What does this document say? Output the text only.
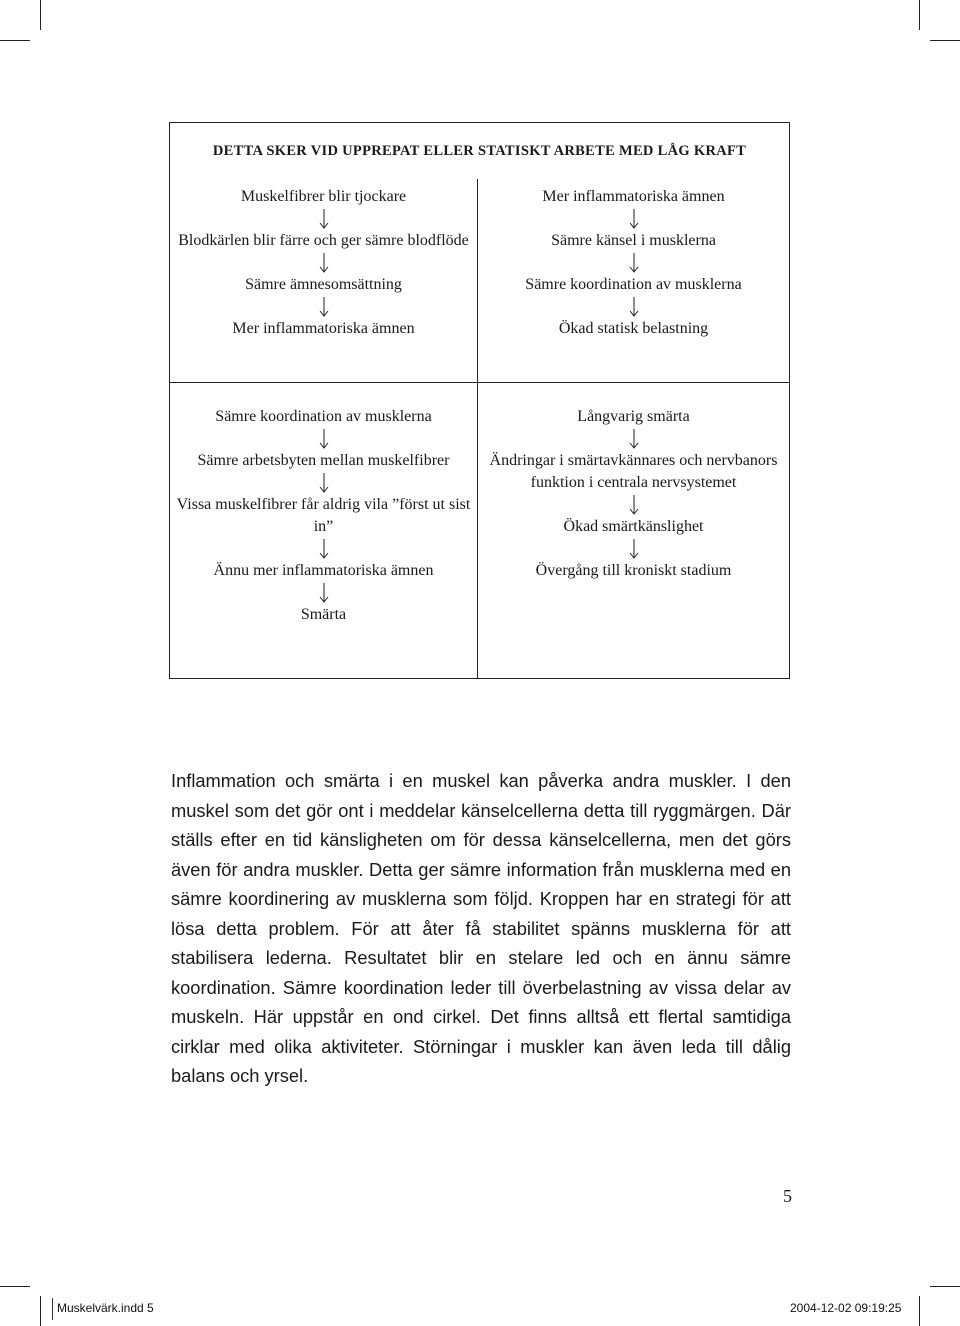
DETTA SKER VID UPPREPAT ELLER STATISKT ARBETE MED LÅG KRAFT
Muskelfibrer blir tjockare
Blodkärlen blir färre och ger sämre blodflöde
Sämre ämnesomsättning
Mer inflammatoriska ämnen
Mer inflammatoriska ämnen
Sämre känsel i musklerna
Sämre koordination av musklerna
Ökad statisk belastning
Sämre koordination av musklerna
Sämre arbetsbyten mellan muskelfibrer
Vissa muskelfibrer får aldrig vila ”först ut sist in”
Ännu mer inflammatoriska ämnen
Smärta
Långvarig smärta
Ändringar i smärtavkännares och nervbanors funktion i centrala nervsystemet
Ökad smärtkänslighet
Övergång till kroniskt stadium
Inflammation och smärta i en muskel kan påverka andra muskler. I den muskel som det gör ont i meddelar känselcellerna detta till ryggmärgen. Där ställs efter en tid känsligheten om för dessa känselcellerna, men det görs även för andra muskler. Detta ger sämre information från musklerna med en sämre koordinering av musklerna som följd. Kroppen har en strategi för att lösa detta problem. För att åter få stabilitet spänns musklerna för att stabilisera lederna. Resultatet blir en stelare led och en ännu sämre koordination. Sämre koordination leder till överbelastning av vissa delar av muskeln. Här uppstår en ond cirkel. Det finns alltså ett flertal samtidiga cirklar med olika aktiviteter. Störningar i muskler kan även leda till dålig balans och yrsel.
5
Muskelvärk.indd 5	2004-12-02 09:19:25
